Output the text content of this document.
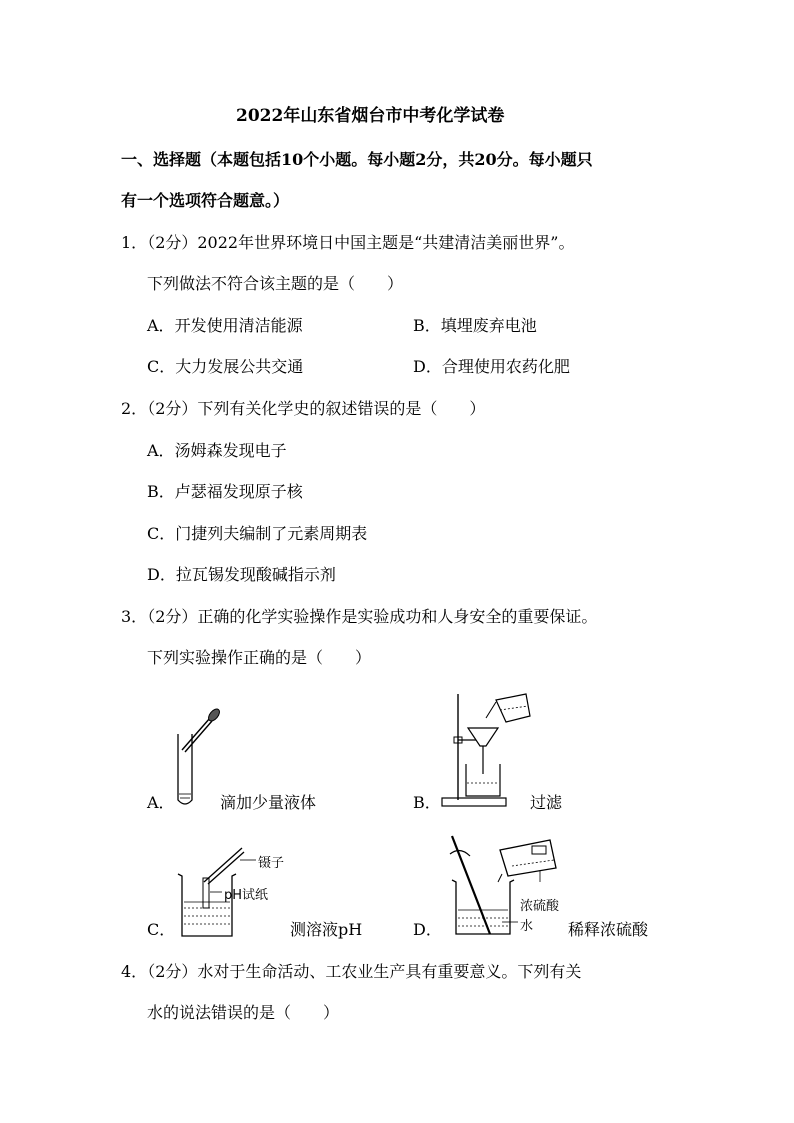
2022年山东省烟台市中考化学试卷
一、选择题（本题包括10个小题。每小题2分，共20分。每小题只
有一个选项符合题意。）
1．（2分）2022年世界环境日中国主题是“共建清洁美丽世界”。
下列做法不符合该主题的是（　　）
A．开发使用清洁能源	B．填埋废弃电池
C．大力发展公共交通	D．合理使用农药化肥
2．（2分）下列有关化学史的叙述错误的是（　　）
A．汤姆森发现电子
B．卢瑟福发现原子核
C．门捷列夫编制了元素周期表
D．拉瓦锡发现酸碱指示剂
3．（2分）正确的化学实验操作是实验成功和人身安全的重要保证。
下列实验操作正确的是（　　）
A．	滴加少量液体	B．	过滤
镊子
pH试纸
C．	测溶液pH
浓硫酸
水
D．	稀释浓硫酸
4．（2分）水对于生命活动、工农业生产具有重要意义。下列有关
水的说法错误的是（　　）
